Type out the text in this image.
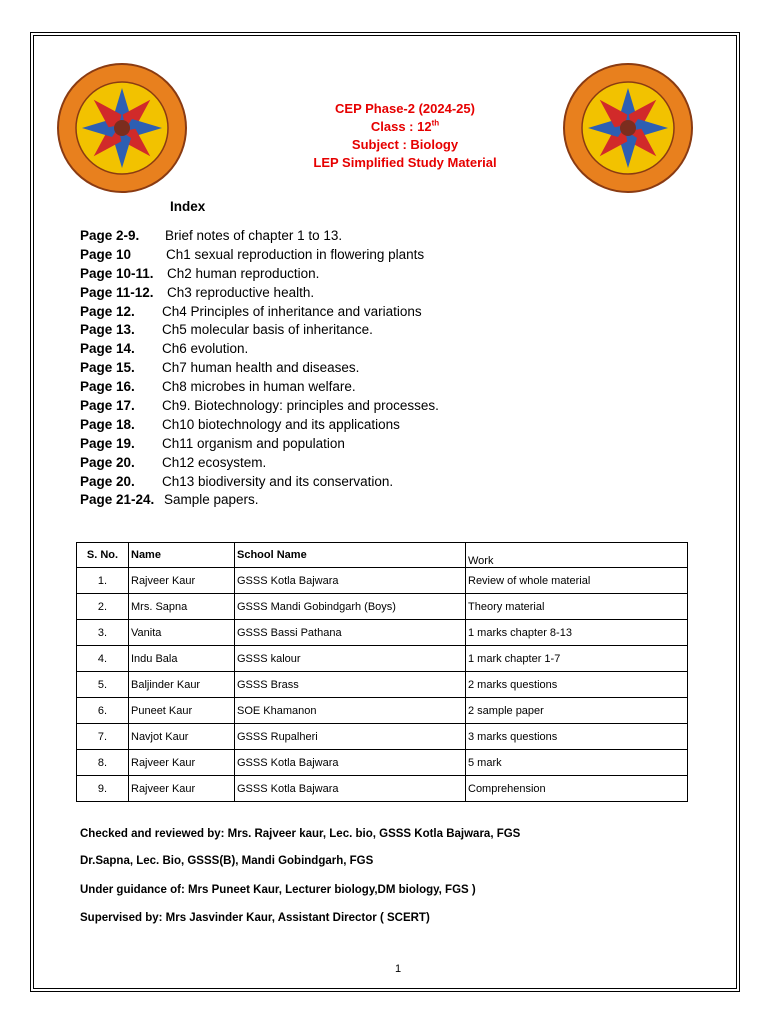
CEP Phase-2 (2024-25)
Class : 12th
Subject : Biology
LEP Simplified Study Material
Index
Page 2-9. Brief notes of chapter 1 to 13.
Page 10	Ch1 sexual reproduction in flowering plants
Page 10-11. Ch2 human reproduction.
Page 11-12. Ch3 reproductive health.
Page 12. Ch4 Principles of inheritance and variations
Page 13. Ch5 molecular basis of inheritance.
Page 14. Ch6 evolution.
Page 15. Ch7 human health and diseases.
Page 16. Ch8 microbes in human welfare.
Page 17. Ch9. Biotechnology: principles and processes.
Page 18. Ch10 biotechnology and its applications
Page 19. Ch11 organism and population
Page 20. Ch12 ecosystem.
Page 20. Ch13 biodiversity and its conservation.
Page 21-24. Sample papers.
S. No.	Name	School Name	Work
1.	Rajveer Kaur	GSSS Kotla Bajwara	Review of whole material
2.	Mrs. Sapna	GSSS Mandi Gobindgarh (Boys)	Theory material
3.	Vanita	GSSS Bassi Pathana	1 marks chapter 8-13
4.	Indu Bala	GSSS kalour	1 mark chapter 1-7
5.	Baljinder Kaur	GSSS Brass	2 marks questions
6.	Puneet Kaur	SOE Khamanon	2 sample paper
7.	Navjot Kaur	GSSS Rupalheri	3 marks questions
8.	Rajveer Kaur	GSSS Kotla Bajwara	5 mark
9.	Rajveer Kaur	GSSS Kotla Bajwara	Comprehension
Checked and reviewed by: Mrs. Rajveer kaur, Lec. bio, GSSS Kotla Bajwara, FGS
Dr.Sapna, Lec. Bio, GSSS(B), Mandi Gobindgarh, FGS
Under guidance of: Mrs Puneet Kaur, Lecturer biology,DM biology, FGS )
Supervised by: Mrs Jasvinder Kaur, Assistant Director ( SCERT)
1
